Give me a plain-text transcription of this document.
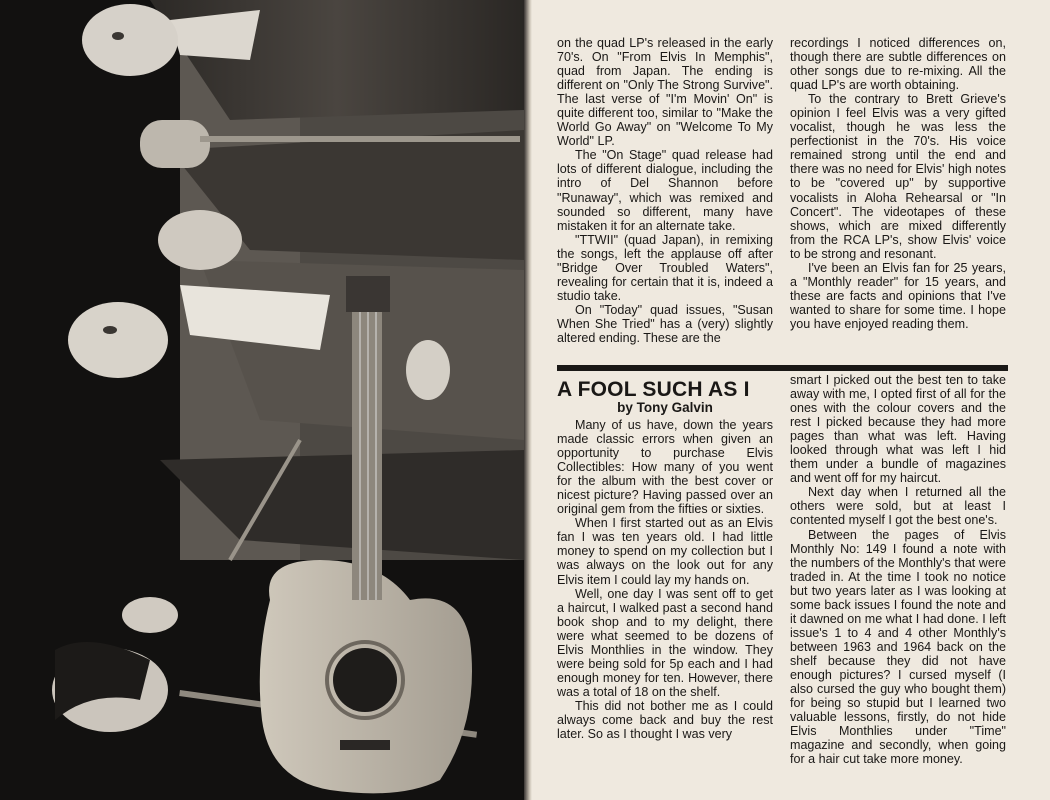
on the quad LP's released in the early 70's. On "From Elvis In Memphis", quad from Japan. The ending is different on "Only The Strong Survive". The last verse of "I'm Movin' On" is quite different too, similar to "Make the World Go Away" on "Welcome To My World" LP.

The "On Stage" quad release had lots of different dialogue, including the intro of Del Shannon before "Runaway", which was remixed and sounded so different, many have mistaken it for an alternate take.

"TTWII" (quad Japan), in remixing the songs, left the applause off after "Bridge Over Troubled Waters", revealing for certain that it is, indeed a studio take.

On "Today" quad issues, "Susan When She Tried" has a (very) slightly altered ending. These are the

recordings I noticed differences on, though there are subtle differences on other songs due to re-mixing. All the quad LP's are worth obtaining.

To the contrary to Brett Grieve's opinion I feel Elvis was a very gifted vocalist, though he was less the perfectionist in the 70's. His voice remained strong until the end and there was no need for Elvis' high notes to be "covered up" by supportive vocalists in Aloha Rehearsal or "In Concert". The videotapes of these shows, which are mixed differently from the RCA LP's, show Elvis' voice to be strong and resonant.

I've been an Elvis fan for 25 years, a "Monthly reader" for 15 years, and these are facts and opinions that I've wanted to share for some time. I hope you have enjoyed reading them.

A FOOL SUCH AS I
by Tony Galvin

Many of us have, down the years made classic errors when given an opportunity to purchase Elvis Collectibles: How many of you went for the album with the best cover or nicest picture? Having passed over an original gem from the fifties or sixties.

When I first started out as an Elvis fan I was ten years old. I had little money to spend on my collection but I was always on the look out for any Elvis item I could lay my hands on.

Well, one day I was sent off to get a haircut, I walked past a second hand book shop and to my delight, there were what seemed to be dozens of Elvis Monthlies in the window. They were being sold for 5p each and I had enough money for ten. However, there was a total of 18 on the shelf.

This did not bother me as I could always come back and buy the rest later. So as I thought I was very

smart I picked out the best ten to take away with me, I opted first of all for the ones with the colour covers and the rest I picked because they had more pages than what was left. Having looked through what was left I hid them under a bundle of magazines and went off for my haircut.

Next day when I returned all the others were sold, but at least I contented myself I got the best one's.

Between the pages of Elvis Monthly No: 149 I found a note with the numbers of the Monthly's that were traded in. At the time I took no notice but two years later as I was looking at some back issues I found the note and it dawned on me what I had done. I left issue's 1 to 4 and 4 other Monthly's between 1963 and 1964 back on the shelf because they did not have enough pictures? I cursed myself (I also cursed the guy who bought them) for being so stupid but I learned two valuable lessons, firstly, do not hide Elvis Monthlies under "Time" magazine and secondly, when going for a hair cut take more money.
